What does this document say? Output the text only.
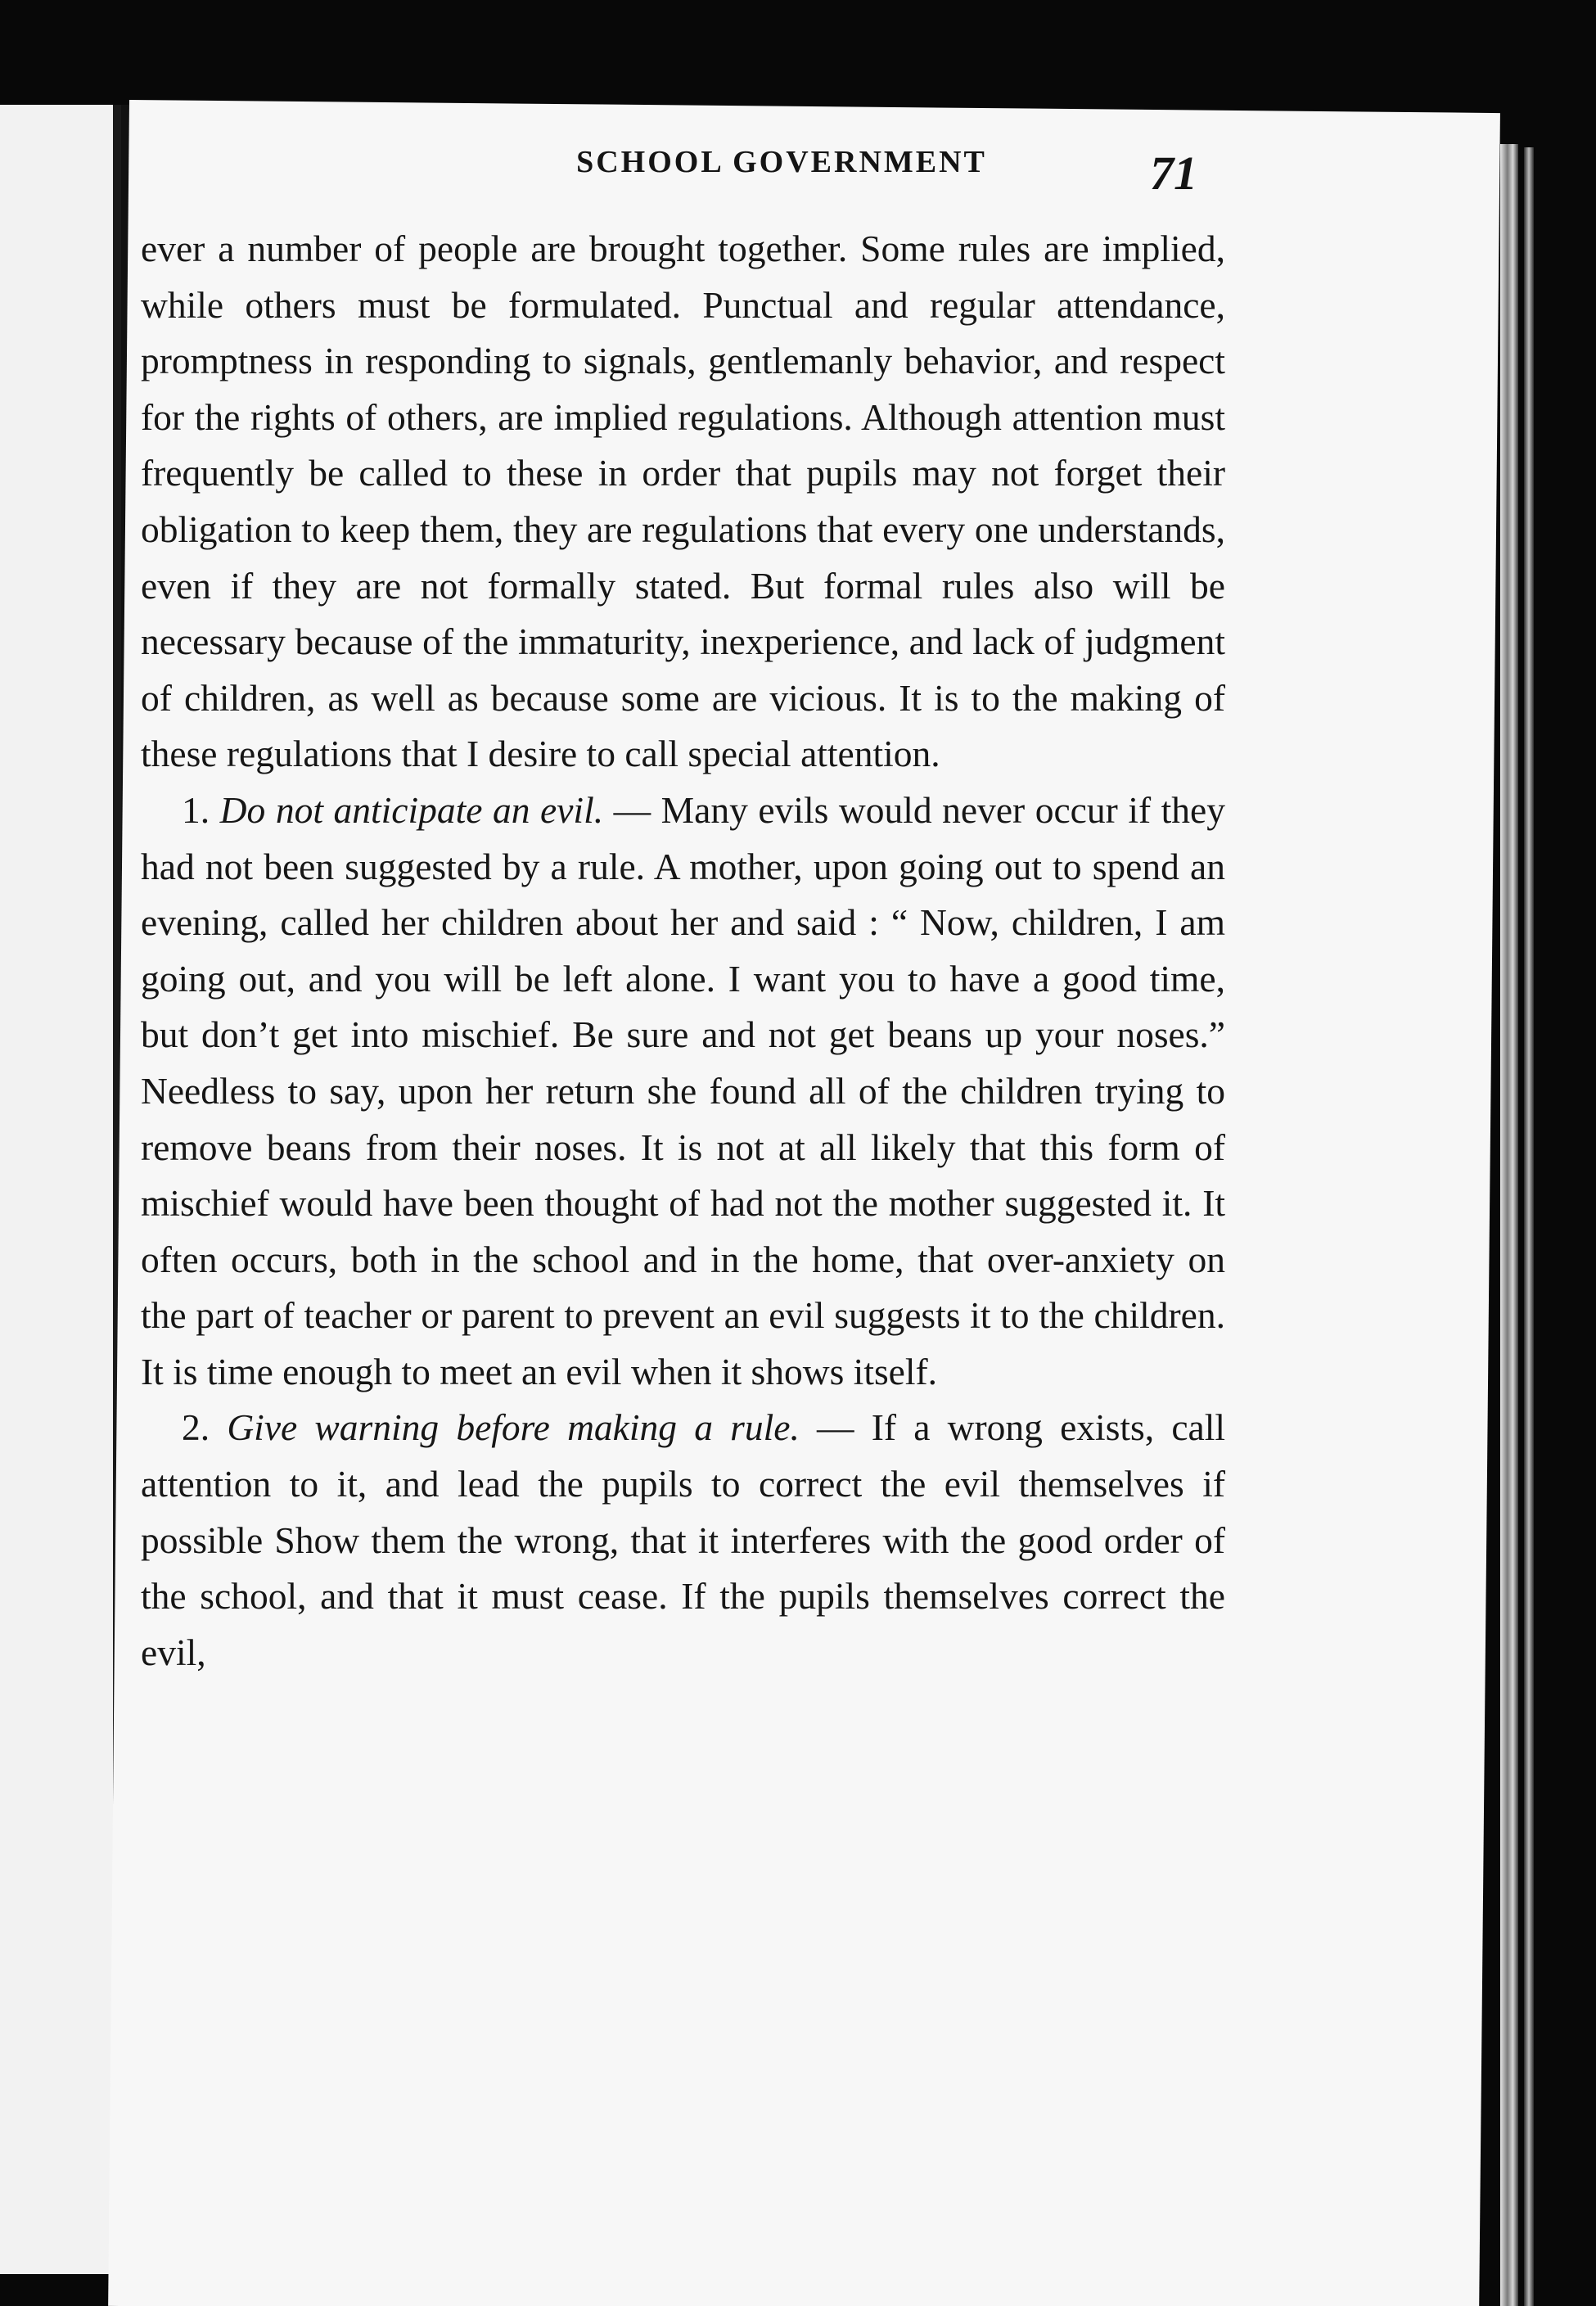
SCHOOL GOVERNMENT	71

ever a number of people are brought together. Some rules are implied, while others must be formulated. Punctual and regular attendance, promptness in responding to signals, gentlemanly behavior, and respect for the rights of others, are implied regulations. Although attention must frequently be called to these in order that pupils may not forget their obligation to keep them, they are regulations that every one understands, even if they are not formally stated. But formal rules also will be necessary because of the immaturity, inexperience, and lack of judgment of children, as well as because some are vicious. It is to the making of these regulations that I desire to call special attention.

1. Do not anticipate an evil. — Many evils would never occur if they had not been suggested by a rule. A mother, upon going out to spend an evening, called her children about her and said : “ Now, children, I am going out, and you will be left alone. I want you to have a good time, but don’t get into mischief. Be sure and not get beans up your noses.” Needless to say, upon her return she found all of the children trying to remove beans from their noses. It is not at all likely that this form of mischief would have been thought of had not the mother suggested it. It often occurs, both in the school and in the home, that over-anxiety on the part of teacher or parent to prevent an evil suggests it to the children. It is time enough to meet an evil when it shows itself.

2. Give warning before making a rule. — If a wrong exists, call attention to it, and lead the pupils to correct the evil themselves if possible Show them the wrong, that it interferes with the good order of the school, and that it must cease. If the pupils themselves correct the evil,
